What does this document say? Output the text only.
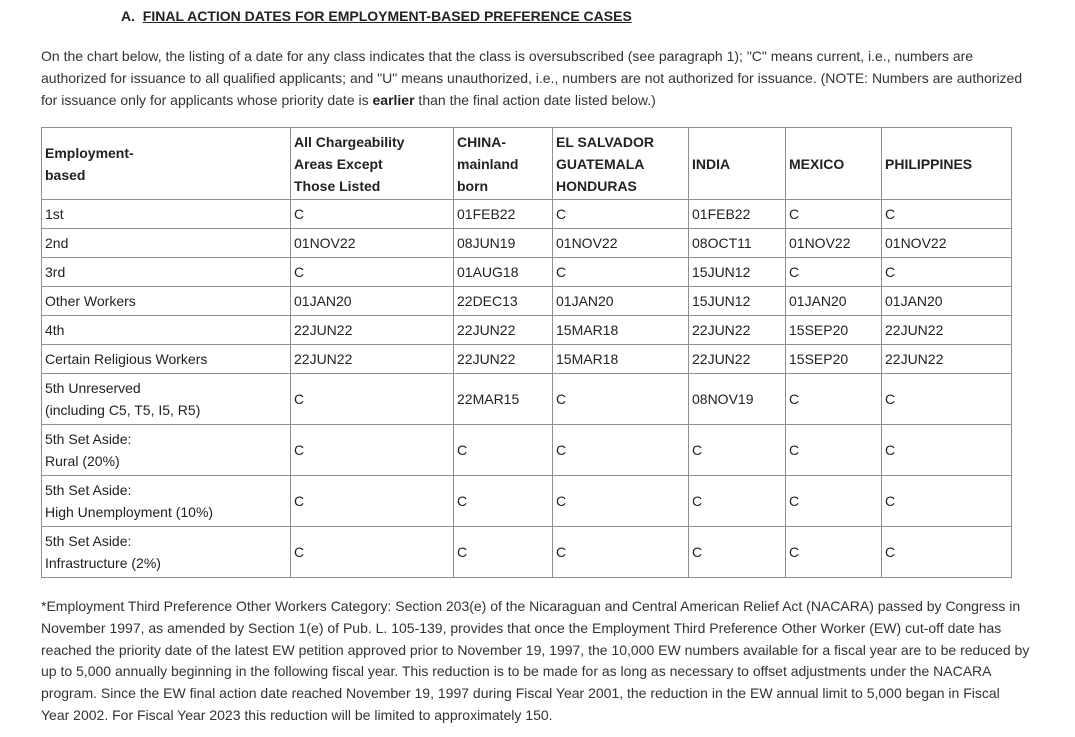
A. FINAL ACTION DATES FOR EMPLOYMENT-BASED PREFERENCE CASES
On the chart below, the listing of a date for any class indicates that the class is oversubscribed (see paragraph 1); "C" means current, i.e., numbers are authorized for issuance to all qualified applicants; and "U" means unauthorized, i.e., numbers are not authorized for issuance. (NOTE: Numbers are authorized for issuance only for applicants whose priority date is earlier than the final action date listed below.)
Employment-
based	All Chargeability
Areas Except
Those Listed	CHINA-
mainland
born	EL SALVADOR
GUATEMALA
HONDURAS	INDIA	MEXICO	PHILIPPINES
1st	C	01FEB22	C	01FEB22	C	C
2nd	01NOV22	08JUN19	01NOV22	08OCT11	01NOV22	01NOV22
3rd	C	01AUG18	C	15JUN12	C	C
Other Workers	01JAN20	22DEC13	01JAN20	15JUN12	01JAN20	01JAN20
4th	22JUN22	22JUN22	15MAR18	22JUN22	15SEP20	22JUN22
Certain Religious Workers	22JUN22	22JUN22	15MAR18	22JUN22	15SEP20	22JUN22
5th Unreserved
(including C5, T5, I5, R5)	C	22MAR15	C	08NOV19	C	C
5th Set Aside:
Rural (20%)	C	C	C	C	C	C
5th Set Aside:
High Unemployment (10%)	C	C	C	C	C	C
5th Set Aside:
Infrastructure (2%)	C	C	C	C	C	C
*Employment Third Preference Other Workers Category: Section 203(e) of the Nicaraguan and Central American Relief Act (NACARA) passed by Congress in November 1997, as amended by Section 1(e) of Pub. L. 105-139, provides that once the Employment Third Preference Other Worker (EW) cut-off date has reached the priority date of the latest EW petition approved prior to November 19, 1997, the 10,000 EW numbers available for a fiscal year are to be reduced by up to 5,000 annually beginning in the following fiscal year. This reduction is to be made for as long as necessary to offset adjustments under the NACARA program. Since the EW final action date reached November 19, 1997 during Fiscal Year 2001, the reduction in the EW annual limit to 5,000 began in Fiscal Year 2002. For Fiscal Year 2023 this reduction will be limited to approximately 150.
